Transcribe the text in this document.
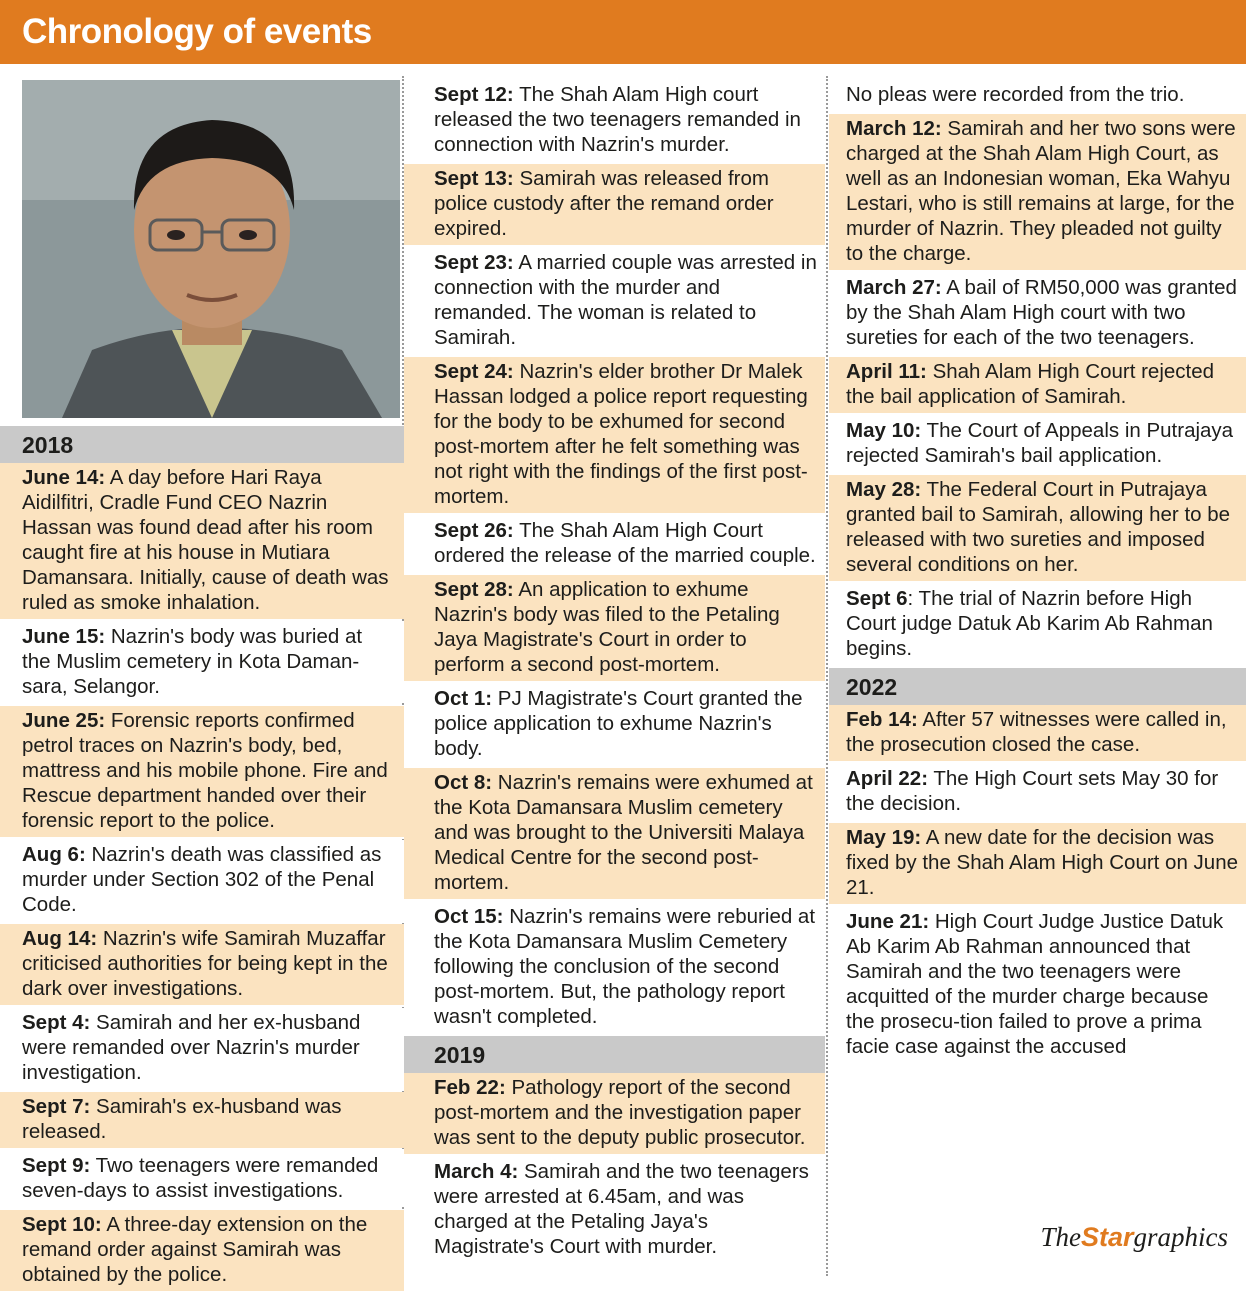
Chronology of events
2018
June 14: A day before Hari Raya Aidilfitri, Cradle Fund CEO Nazrin Hassan was found dead after his room caught fire at his house in Mutiara Damansara. Initially, cause of death was ruled as smoke inhalation.
June 15: Nazrin's body was buried at the Muslim cemetery in Kota Daman-sara, Selangor.
June 25: Forensic reports confirmed petrol traces on Nazrin's body, bed, mattress and his mobile phone. Fire and Rescue department handed over their forensic report to the police.
Aug 6: Nazrin's death was classified as murder under Section 302 of the Penal Code.
Aug 14: Nazrin's wife Samirah Muzaffar criticised authorities for being kept in the dark over investigations.
Sept 4: Samirah and her ex-husband were remanded over Nazrin's murder investigation.
Sept 7: Samirah's ex-husband was released.
Sept 9: Two teenagers were remanded seven-days to assist investigations.
Sept 10: A three-day extension on the remand order against Samirah was obtained by the police.
Sept 12: The Shah Alam High court released the two teenagers remanded in connection with Nazrin's murder.
Sept 13: Samirah was released from police custody after the remand order expired.
Sept 23: A married couple was arrested in connection with the murder and remanded. The woman is related to Samirah.
Sept 24: Nazrin's elder brother Dr Malek Hassan lodged a police report requesting for the body to be exhumed for second post-mortem after he felt something was not right with the findings of the first post-mortem.
Sept 26: The Shah Alam High Court ordered the release of the married couple.
Sept 28: An application to exhume Nazrin's body was filed to the Petaling Jaya Magistrate's Court in order to perform a second post-mortem.
Oct 1: PJ Magistrate's Court granted the police application to exhume Nazrin's body.
Oct 8: Nazrin's remains were exhumed at the Kota Damansara Muslim cemetery and was brought to the Universiti Malaya Medical Centre for the second post-mortem.
Oct 15: Nazrin's remains were reburied at the Kota Damansara Muslim Cemetery following the conclusion of the second post-mortem. But, the pathology report wasn't completed.
2019
Feb 22: Pathology report of the second post-mortem and the investigation paper was sent to the deputy public prosecutor.
March 4: Samirah and the two teenagers were arrested at 6.45am, and was charged at the Petaling Jaya's Magistrate's Court with murder.
No pleas were recorded from the trio.
March 12: Samirah and her two sons were charged at the Shah Alam High Court, as well as an Indonesian woman, Eka Wahyu Lestari, who is still remains at large, for the murder of Nazrin. They pleaded not guilty to the charge.
March 27: A bail of RM50,000 was granted by the Shah Alam High court with two sureties for each of the two teenagers.
April 11: Shah Alam High Court rejected the bail application of Samirah.
May 10: The Court of Appeals in Putrajaya rejected Samirah's bail application.
May 28: The Federal Court in Putrajaya granted bail to Samirah, allowing her to be released with two sureties and imposed several conditions on her.
Sept 6: The trial of Nazrin before High Court judge Datuk Ab Karim Ab Rahman begins.
2022
Feb 14: After 57 witnesses were called in, the prosecution closed the case.
April 22: The High Court sets May 30 for the decision.
May 19: A new date for the decision was fixed by the Shah Alam High Court on June 21.
June 21: High Court Judge Justice Datuk Ab Karim Ab Rahman announced that Samirah and the two teenagers were acquitted of the murder charge because the prosecu-tion failed to prove a prima facie case against the accused
TheStargraphics
